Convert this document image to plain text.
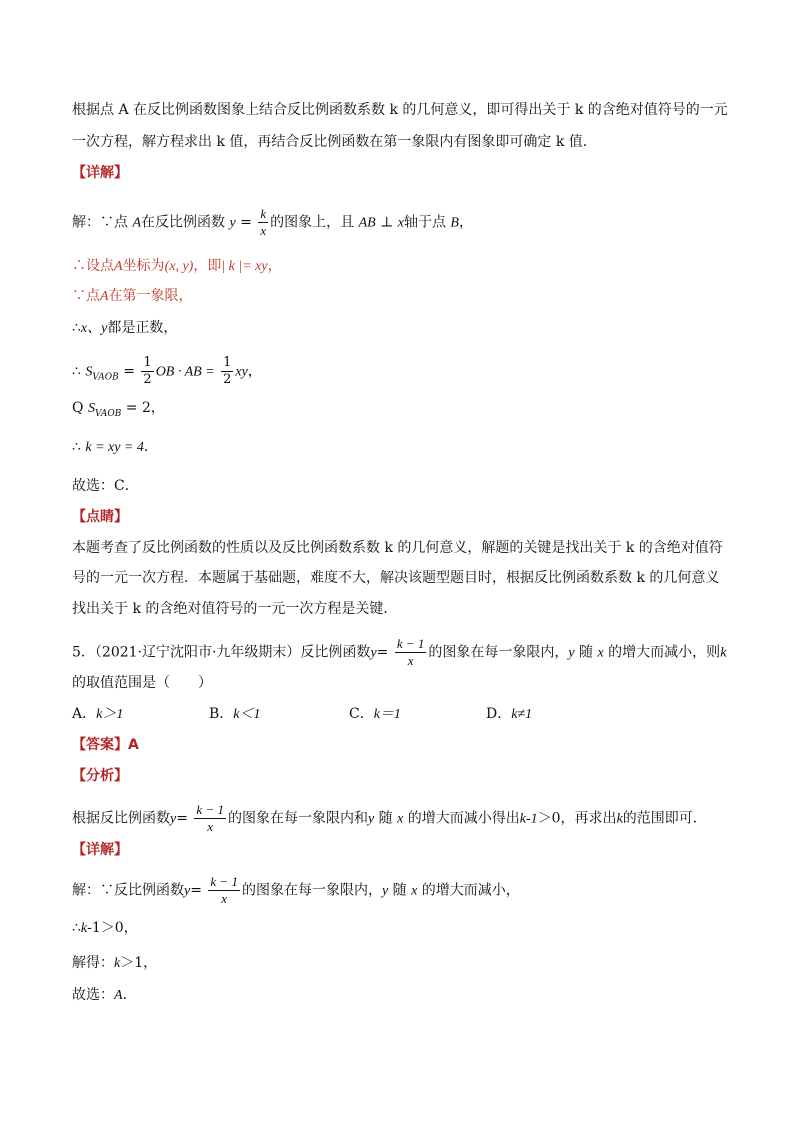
根据点 A 在反比例函数图象上结合反比例函数系数 k 的几何意义，即可得出关于 k 的含绝对值符号的一元
一次方程，解方程求出 k 值，再结合反比例函数在第一象限内有图象即可确定 k 值．
【详解】
解：∵点 A在反比例函数 $y = \frac{k}{x}$ 的图象上，且 AB ⊥ x轴于点 B，
∴设点A坐标为(x, y)，即| k |= xy，
∵点A在第一象限，
∴x、y都是正数，
∴ $S_{VAOB} = \frac{1}{2}$ OB · AB = $\frac{1}{2}$ xy，
Q $S_{VAOB} = 2$，
∴ k = xy = 4．
故选：C．
【点睛】
本题考查了反比例函数的性质以及反比例函数系数 k 的几何意义，解题的关键是找出关于 k 的含绝对值符
号的一元一次方程．本题属于基础题，难度不大，解决该题型题目时，根据反比例函数系数 k 的几何意义
找出关于 k 的含绝对值符号的一元一次方程是关键．
5．（2021·辽宁沈阳市·九年级期末）反比例函数$y= \frac{k - 1}{x}$ 的图象在每一象限内，y 随 x 的增大而减小，则k
的取值范围是（　　）
A．k＞1	B．k＜1	C．k＝1	D．k≠1
【答案】A
【分析】
根据反比例函数$y= \frac{k - 1}{x}$ 的图象在每一象限内和y 随 x 的增大而减小得出k-1＞0，再求出k的范围即可．
【详解】
解：∵反比例函数$y= \frac{k - 1}{x}$ 的图象在每一象限内，y 随 x 的增大而减小，
∴k-1＞0，
解得：k＞1，
故选：A．
